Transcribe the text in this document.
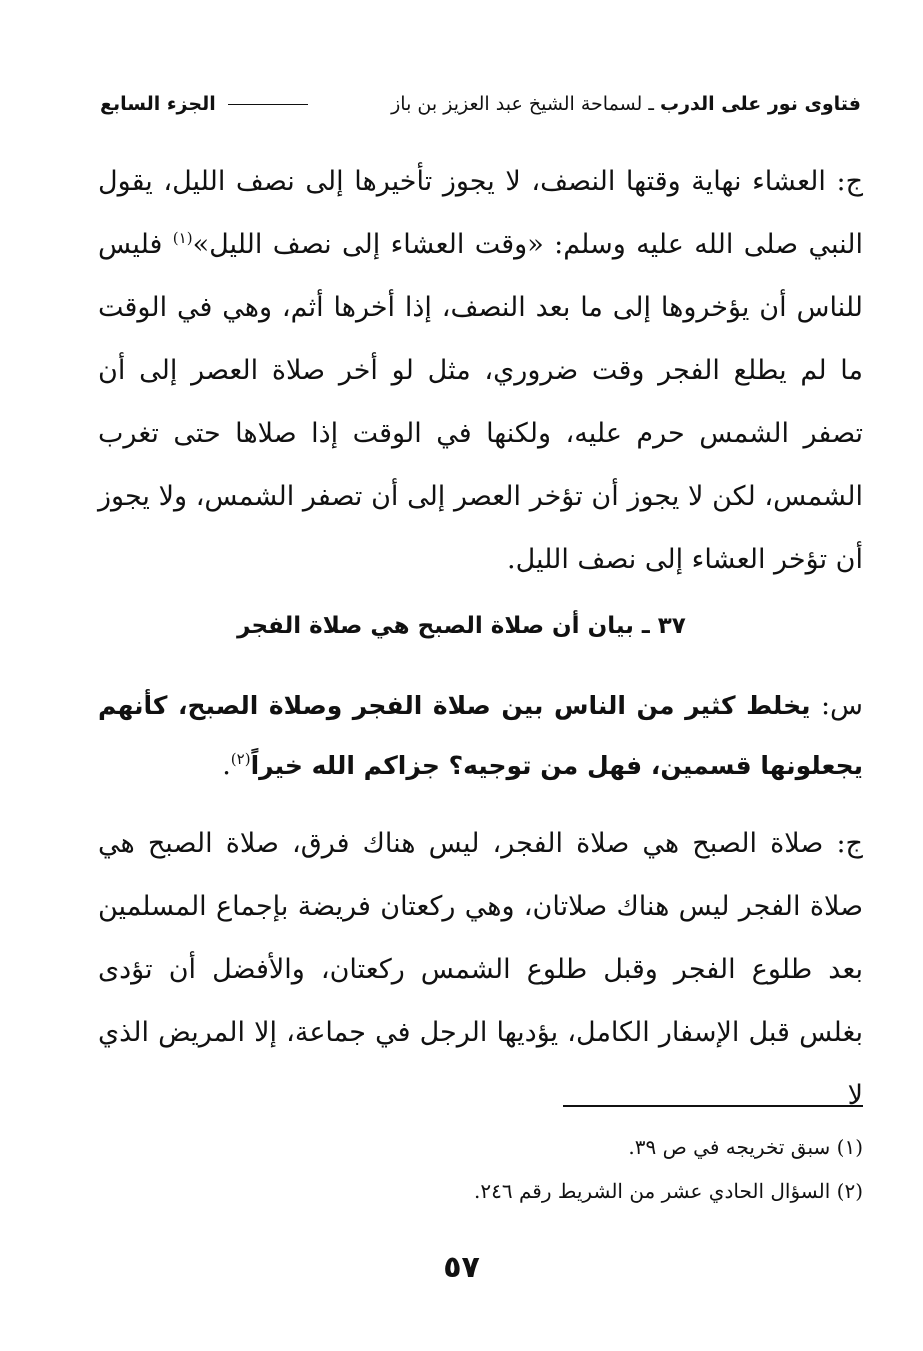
فتاوى نور على الدرب ـ لسماحة الشيخ عبد العزيز بن باز
الجزء السابع
ج: العشاء نهاية وقتها النصف، لا يجوز تأخيرها إلى نصف الليل، يقول النبي صلى الله عليه وسلم: «وقت العشاء إلى نصف الليل»$^{(١)}$ فليس للناس أن يؤخروها إلى ما بعد النصف، إذا أخرها أثم، وهي في الوقت ما لم يطلع الفجر وقت ضروري، مثل لو أخر صلاة العصر إلى أن تصفر الشمس حرم عليه، ولكنها في الوقت إذا صلاها حتى تغرب الشمس، لكن لا يجوز أن تؤخر العصر إلى أن تصفر الشمس، ولا يجوز أن تؤخر العشاء إلى نصف الليل.
٣٧ ـ بيان أن صلاة الصبح هي صلاة الفجر
س: يخلط كثير من الناس بين صلاة الفجر وصلاة الصبح، كأنهم يجعلونها قسمين، فهل من توجيه؟ جزاكم الله خيراً$^{(٢)}$.
ج: صلاة الصبح هي صلاة الفجر، ليس هناك فرق، صلاة الصبح هي صلاة الفجر ليس هناك صلاتان، وهي ركعتان فريضة بإجماع المسلمين بعد طلوع الفجر وقبل طلوع الشمس ركعتان، والأفضل أن تؤدى بغلس قبل الإسفار الكامل، يؤديها الرجل في جماعة، إلا المريض الذي لا
(١) سبق تخريجه في ص ٣٩.
(٢) السؤال الحادي عشر من الشريط رقم ٢٤٦.
٥٧
